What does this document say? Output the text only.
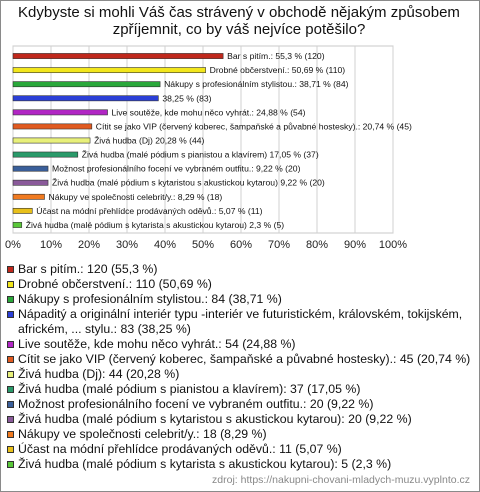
Kdybyste si mohli Váš čas strávený v obchodě nějakým způsobem zpříjemnit, co by váš nejvíce potěšilo?
0% 10% 20% 30% 40% 50% 60% 70% 80% 90% 100%
Bar s pitím.: 55,3 % (120)
Drobné občerstvení.: 50,69 % (110)
Nákupy s profesionálním stylistou.: 38,71 % (84)
38,25 % (83)
Live soutěže, kde mohu něco vyhrát.: 24,88 % (54)
Cítit se jako VIP (červený koberec, šampaňské a půvabné hostesky).: 20,74 % (45)
Živá hudba (Dj) 20,28 % (44)
Živá hudba (malé pódium s pianistou a klavírem) 17,05 % (37)
Možnost profesionálního focení ve vybraném outfitu.: 9,22 % (20)
Živá hudba (malé pódium s kytaristou s akustickou kytarou) 9,22 % (20)
Nákupy ve společnosti celebrit/y.: 8,29 % (18)
Účast na módní přehlídce prodávaných oděvů.: 5,07 % (11)
Živá hudba (malé pódium s kytarista s akustickou kytarou) 2,3 % (5)
Bar s pitím.: 120 (55,3 %)
Drobné občerstvení.: 110 (50,69 %)
Nákupy s profesionálním stylistou.: 84 (38,71 %)
Nápaditý a originální interiér typu -interiér ve futuristickém, královském, tokijském, africkém, ... stylu.: 83 (38,25 %)
Live soutěže, kde mohu něco vyhrát.: 54 (24,88 %)
Cítit se jako VIP (červený koberec, šampaňské a půvabné hostesky).: 45 (20,74 %)
Živá hudba (Dj): 44 (20,28 %)
Živá hudba (malé pódium s pianistou a klavírem): 37 (17,05 %)
Možnost profesionálního focení ve vybraném outfitu.: 20 (9,22 %)
Živá hudba (malé pódium s kytaristou s akustickou kytarou): 20 (9,22 %)
Nákupy ve společnosti celebrit/y.: 18 (8,29 %)
Účast na módní přehlídce prodávaných oděvů.: 11 (5,07 %)
Živá hudba (malé pódium s kytarista s akustickou kytarou): 5 (2,3 %)
zdroj: https://nakupni-chovani-mladych-muzu.vyplnto.cz
